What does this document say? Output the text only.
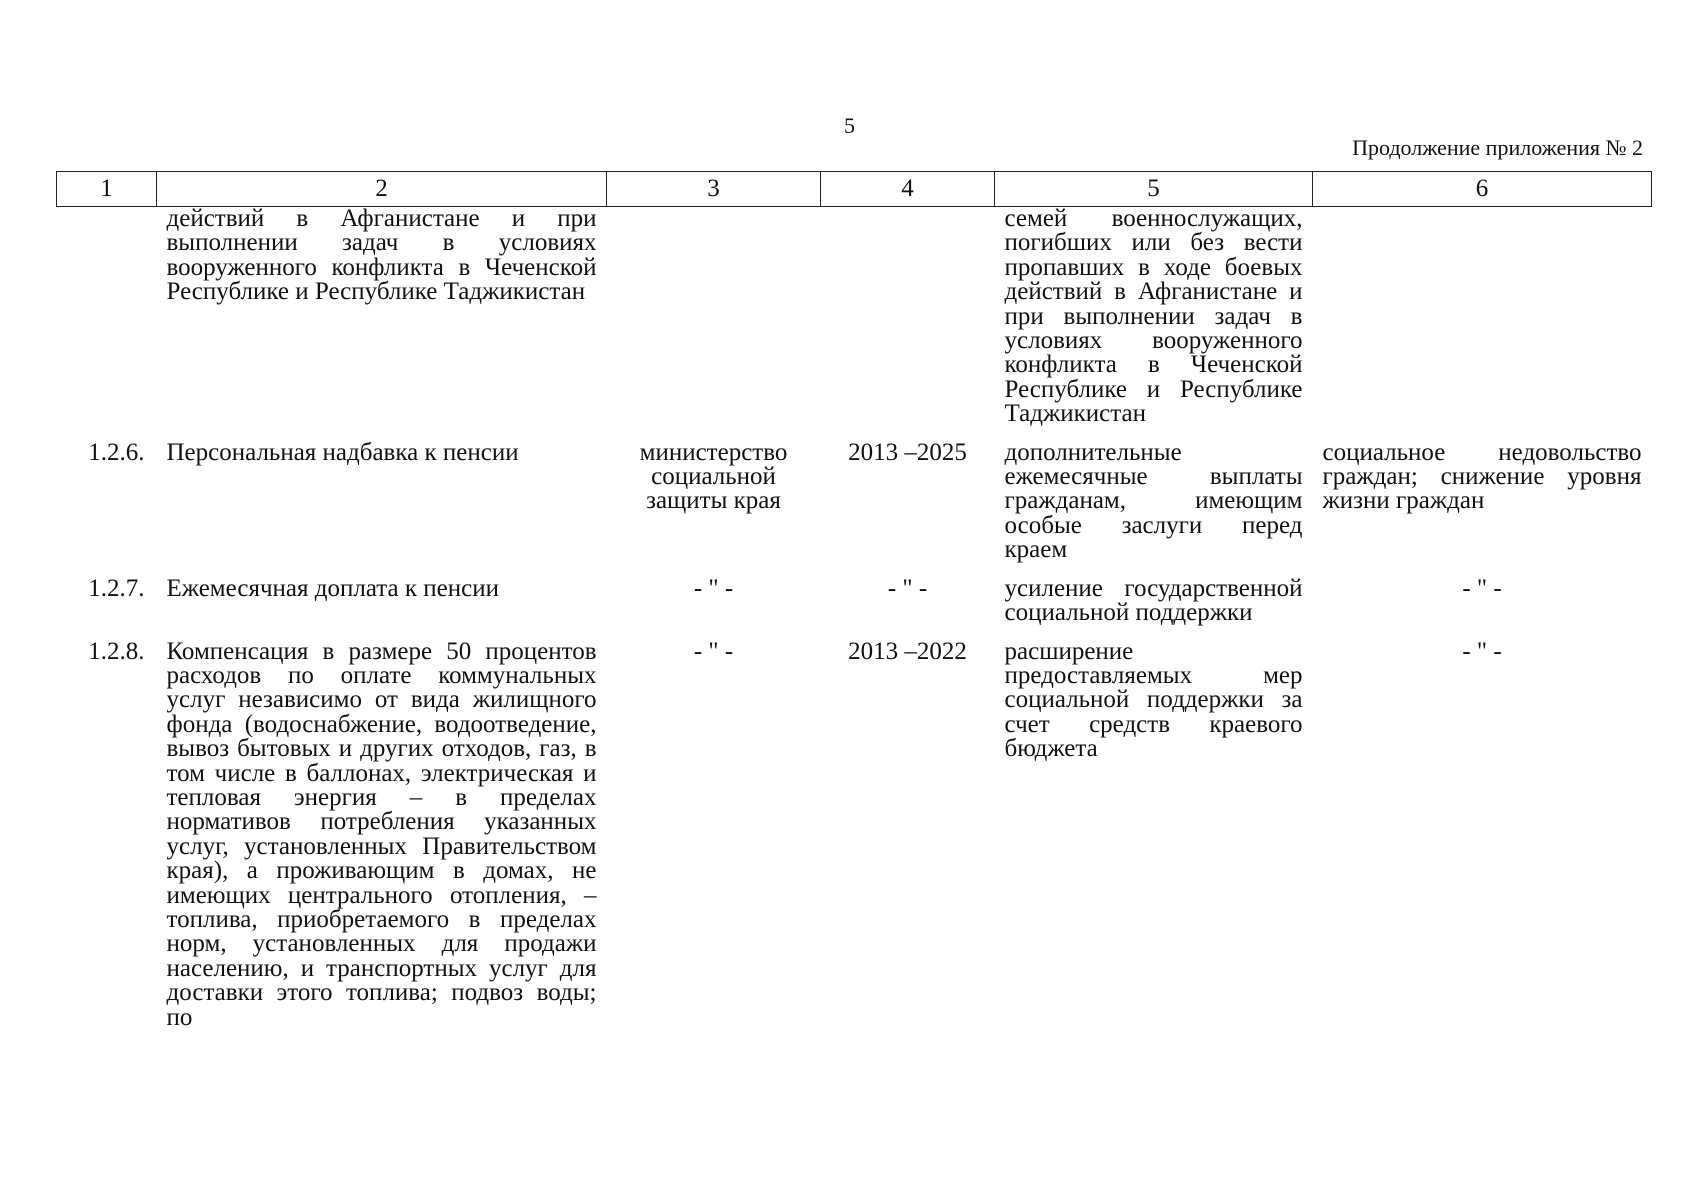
5
Продолжение приложения № 2
1	2	3	4	5	6
	действий в Афганистане и при выполнении задач в условиях вооруженного конфликта в Чеченской Республике и Республике Таджикистан			семей военнослужащих, погибших или без вести пропавших в ходе боевых действий в Афганистане и при выполнении задач в условиях вооруженного конфликта в Чеченской Республике и Республике Таджикистан	
1.2.6.	Персональная надбавка к пенсии	министерство социальной защиты края	2013 –2025	дополнительные ежемесячные выплаты гражданам, имеющим особые заслуги перед краем	социальное недовольство граждан; снижение уровня жизни граждан
1.2.7.	Ежемесячная доплата к пенсии	- " -	- " -	усиление государственной социальной поддержки	- " -
1.2.8.	Компенсация в размере 50 процентов расходов по оплате коммунальных услуг независимо от вида жилищного фонда (водоснабжение, водоотведение, вывоз бытовых и других отходов, газ, в том числе в баллонах, электрическая и тепловая энергия – в пределах нормативов потребления указанных услуг, установленных Правительством края), а проживающим в домах, не имеющих центрального отопления, – топлива, приобретаемого в пределах норм, установленных для продажи населению, и транспортных услуг для доставки этого топлива; подвоз воды; по	- " -	2013 –2022	расширение предоставляемых мер социальной поддержки за счет средств краевого бюджета	- " -
